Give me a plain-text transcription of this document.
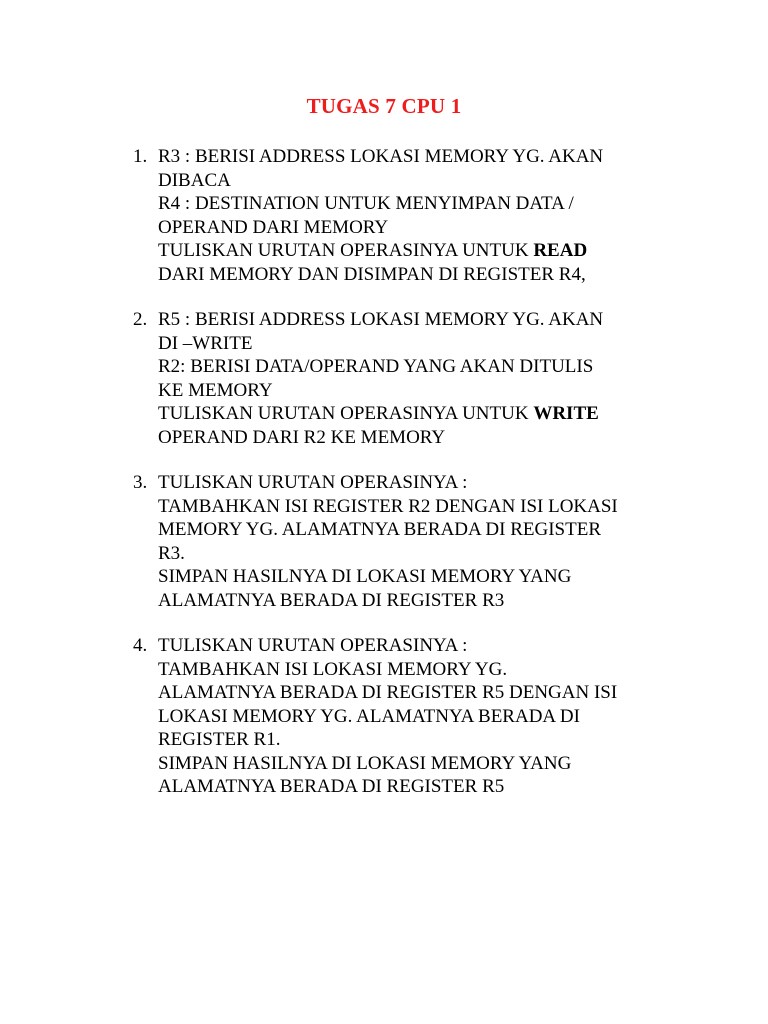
TUGAS 7 CPU 1
1. R3 : BERISI ADDRESS LOKASI MEMORY YG. AKAN
DIBACA
R4 : DESTINATION UNTUK MENYIMPAN DATA /
OPERAND DARI MEMORY
TULISKAN URUTAN OPERASINYA UNTUK READ
DARI MEMORY DAN DISIMPAN DI REGISTER R4,
2. R5 : BERISI ADDRESS LOKASI MEMORY YG. AKAN
DI –WRITE
R2: BERISI DATA/OPERAND YANG AKAN DITULIS
KE MEMORY
TULISKAN URUTAN OPERASINYA UNTUK WRITE
OPERAND DARI R2 KE MEMORY
3. TULISKAN URUTAN OPERASINYA :
TAMBAHKAN ISI REGISTER R2 DENGAN ISI LOKASI
MEMORY YG. ALAMATNYA BERADA DI REGISTER
R3.
SIMPAN HASILNYA DI LOKASI MEMORY YANG
ALAMATNYA BERADA DI REGISTER R3
4. TULISKAN URUTAN OPERASINYA :
TAMBAHKAN ISI LOKASI MEMORY YG.
ALAMATNYA BERADA DI REGISTER R5 DENGAN ISI
LOKASI MEMORY YG. ALAMATNYA BERADA DI
REGISTER R1.
SIMPAN HASILNYA DI LOKASI MEMORY YANG
ALAMATNYA BERADA DI REGISTER R5
